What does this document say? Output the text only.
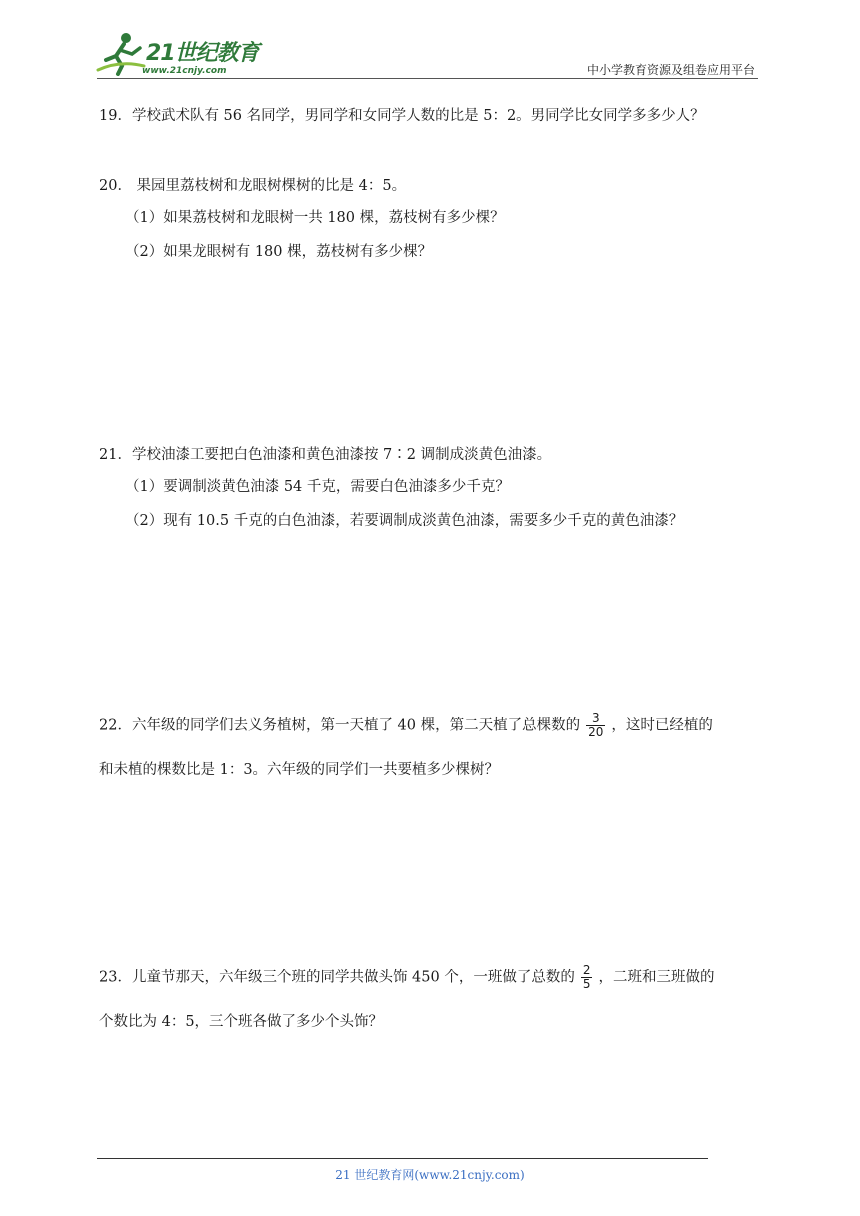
21世纪教育
www.21cnjy.com	中小学教育资源及组卷应用平台
19．学校武术队有 56 名同学，男同学和女同学人数的比是 5：2。男同学比女同学多多少人？
20． 果园里荔枝树和龙眼树棵树的比是 4：5。
（1）如果荔枝树和龙眼树一共 180 棵，荔枝树有多少棵？
（2）如果龙眼树有 180 棵，荔枝树有多少棵？
21．学校油漆工要把白色油漆和黄色油漆按 7∶2 调制成淡黄色油漆。
（1）要调制淡黄色油漆 54 千克，需要白色油漆多少千克？
（2）现有 10.5 千克的白色油漆，若要调制成淡黄色油漆，需要多少千克的黄色油漆？
22．六年级的同学们去义务植树，第一天植了 40 棵，第二天植了总棵数的 $\frac{3}{20}$ ，这时已经植的
和未植的棵数比是 1：3。六年级的同学们一共要植多少棵树？
23．儿童节那天，六年级三个班的同学共做头饰 450 个，一班做了总数的 $\frac{2}{5}$ ，二班和三班做的
个数比为 4：5，三个班各做了多少个头饰？
21 世纪教育网(www.21cnjy.com)
